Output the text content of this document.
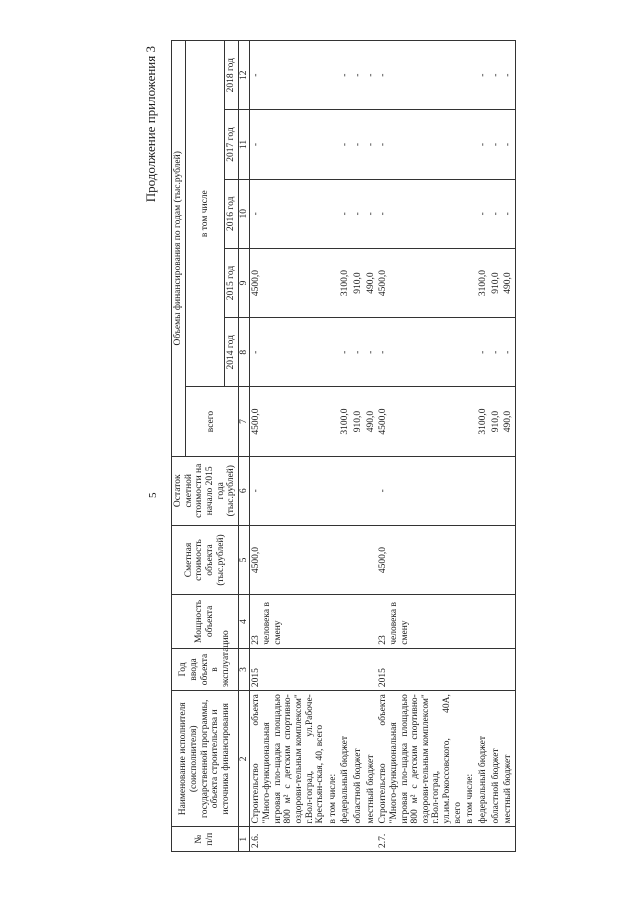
5
Продолжение приложения 3
№ п/п	Наименование исполнителя (соисполнителя) государственной программы, объекта строительства и источника финансирования	Год ввода объекта в эксплуатацию	Мощность объекта	Сметная стоимость объекта (тыс.рублей)	Остаток сметной стоимости на начало 2015 года (тыс.рублей)	Объемы финансирования по годам (тыс.рублей)					
						всего	в том числе				
							2014 год	2015 год	2016 год	2017 год	2018 год
1	2	3	4	5	6	7	8	9	10	11	12
2.6.	Строительство объекта "Много-функциональная игровая пло-щадка площадью 800 м² с детским спортивно-оздорови-тельным комплексом" г.Вол-гоград, ул.Рабоче-Крестьян-ская, 40, всего	2015	23 человека в смену	4500,0	-	4500,0	-	4500,0	-	-	-
	в том числе:										
	федеральный бюджет					3100,0	-	3100,0	-	-	-
	областной бюджет					910,0	-	910,0	-	-	-
	местный бюджет					490,0	-	490,0	-	-	-
2.7.	Строительство объекта "Много-функциональная игровая пло-щадка площадью 800 м² с детским спортивно-оздорови-тельным комплексом" г.Вол-гоград, ул.им.Рокоссовского, 40А, всего	2015	23 человека в смену	4500,0	-	4500,0	-	4500,0	-	-	-
	в том числе:										
	федеральный бюджет					3100,0	-	3100,0	-	-	-
	областной бюджет					910,0	-	910,0	-	-	-
	местный бюджет					490,0	-	490,0	-	-	-
